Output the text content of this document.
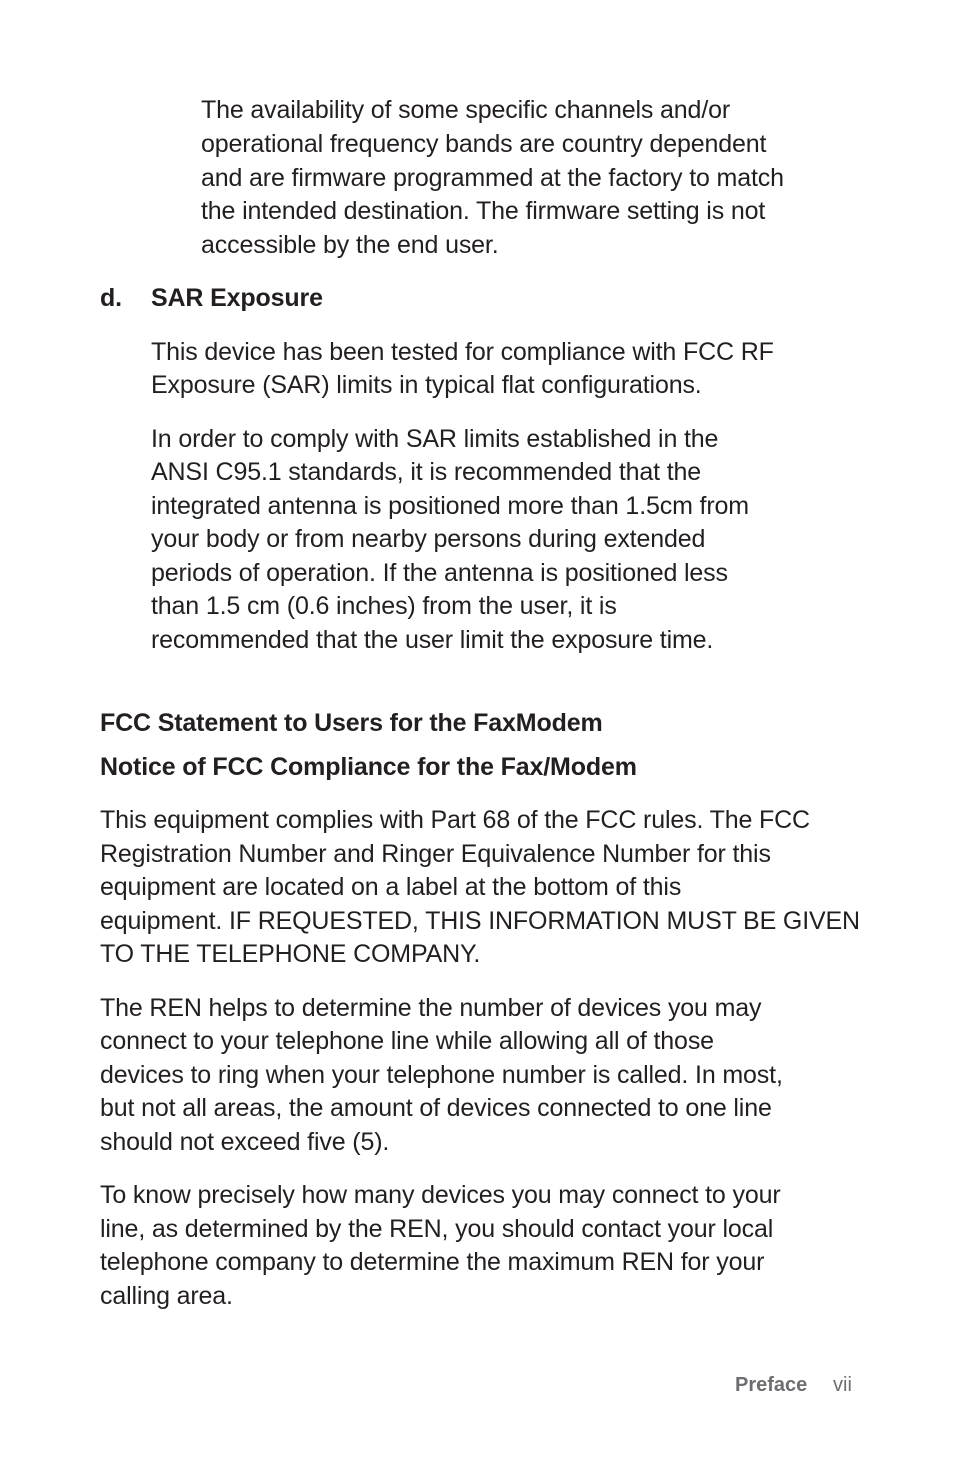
The availability of some specific channels and/or
operational frequency bands are country dependent
and are firmware programmed at the factory to match
the intended destination. The firmware setting is not
accessible by the end user.
d. SAR Exposure
This device has been tested for compliance with FCC RF
Exposure (SAR) limits in typical flat configurations.
In order to comply with SAR limits established in the
ANSI C95.1 standards, it is recommended that the
integrated antenna is positioned more than 1.5cm from
your body or from nearby persons during extended
periods of operation. If the antenna is positioned less
than 1.5 cm (0.6 inches) from the user, it is
recommended that the user limit the exposure time.
FCC Statement to Users for the FaxModem
Notice of FCC Compliance for the Fax/Modem
This equipment complies with Part 68 of the FCC rules. The FCC
Registration Number and Ringer Equivalence Number for this
equipment are located on a label at the bottom of this
equipment. IF REQUESTED, THIS INFORMATION MUST BE GIVEN
TO THE TELEPHONE COMPANY.
The REN helps to determine the number of devices you may
connect to your telephone line while allowing all of those
devices to ring when your telephone number is called. In most,
but not all areas, the amount of devices connected to one line
should not exceed five (5).
To know precisely how many devices you may connect to your
line, as determined by the REN, you should contact your local
telephone company to determine the maximum REN for your
calling area.
Preface vii
